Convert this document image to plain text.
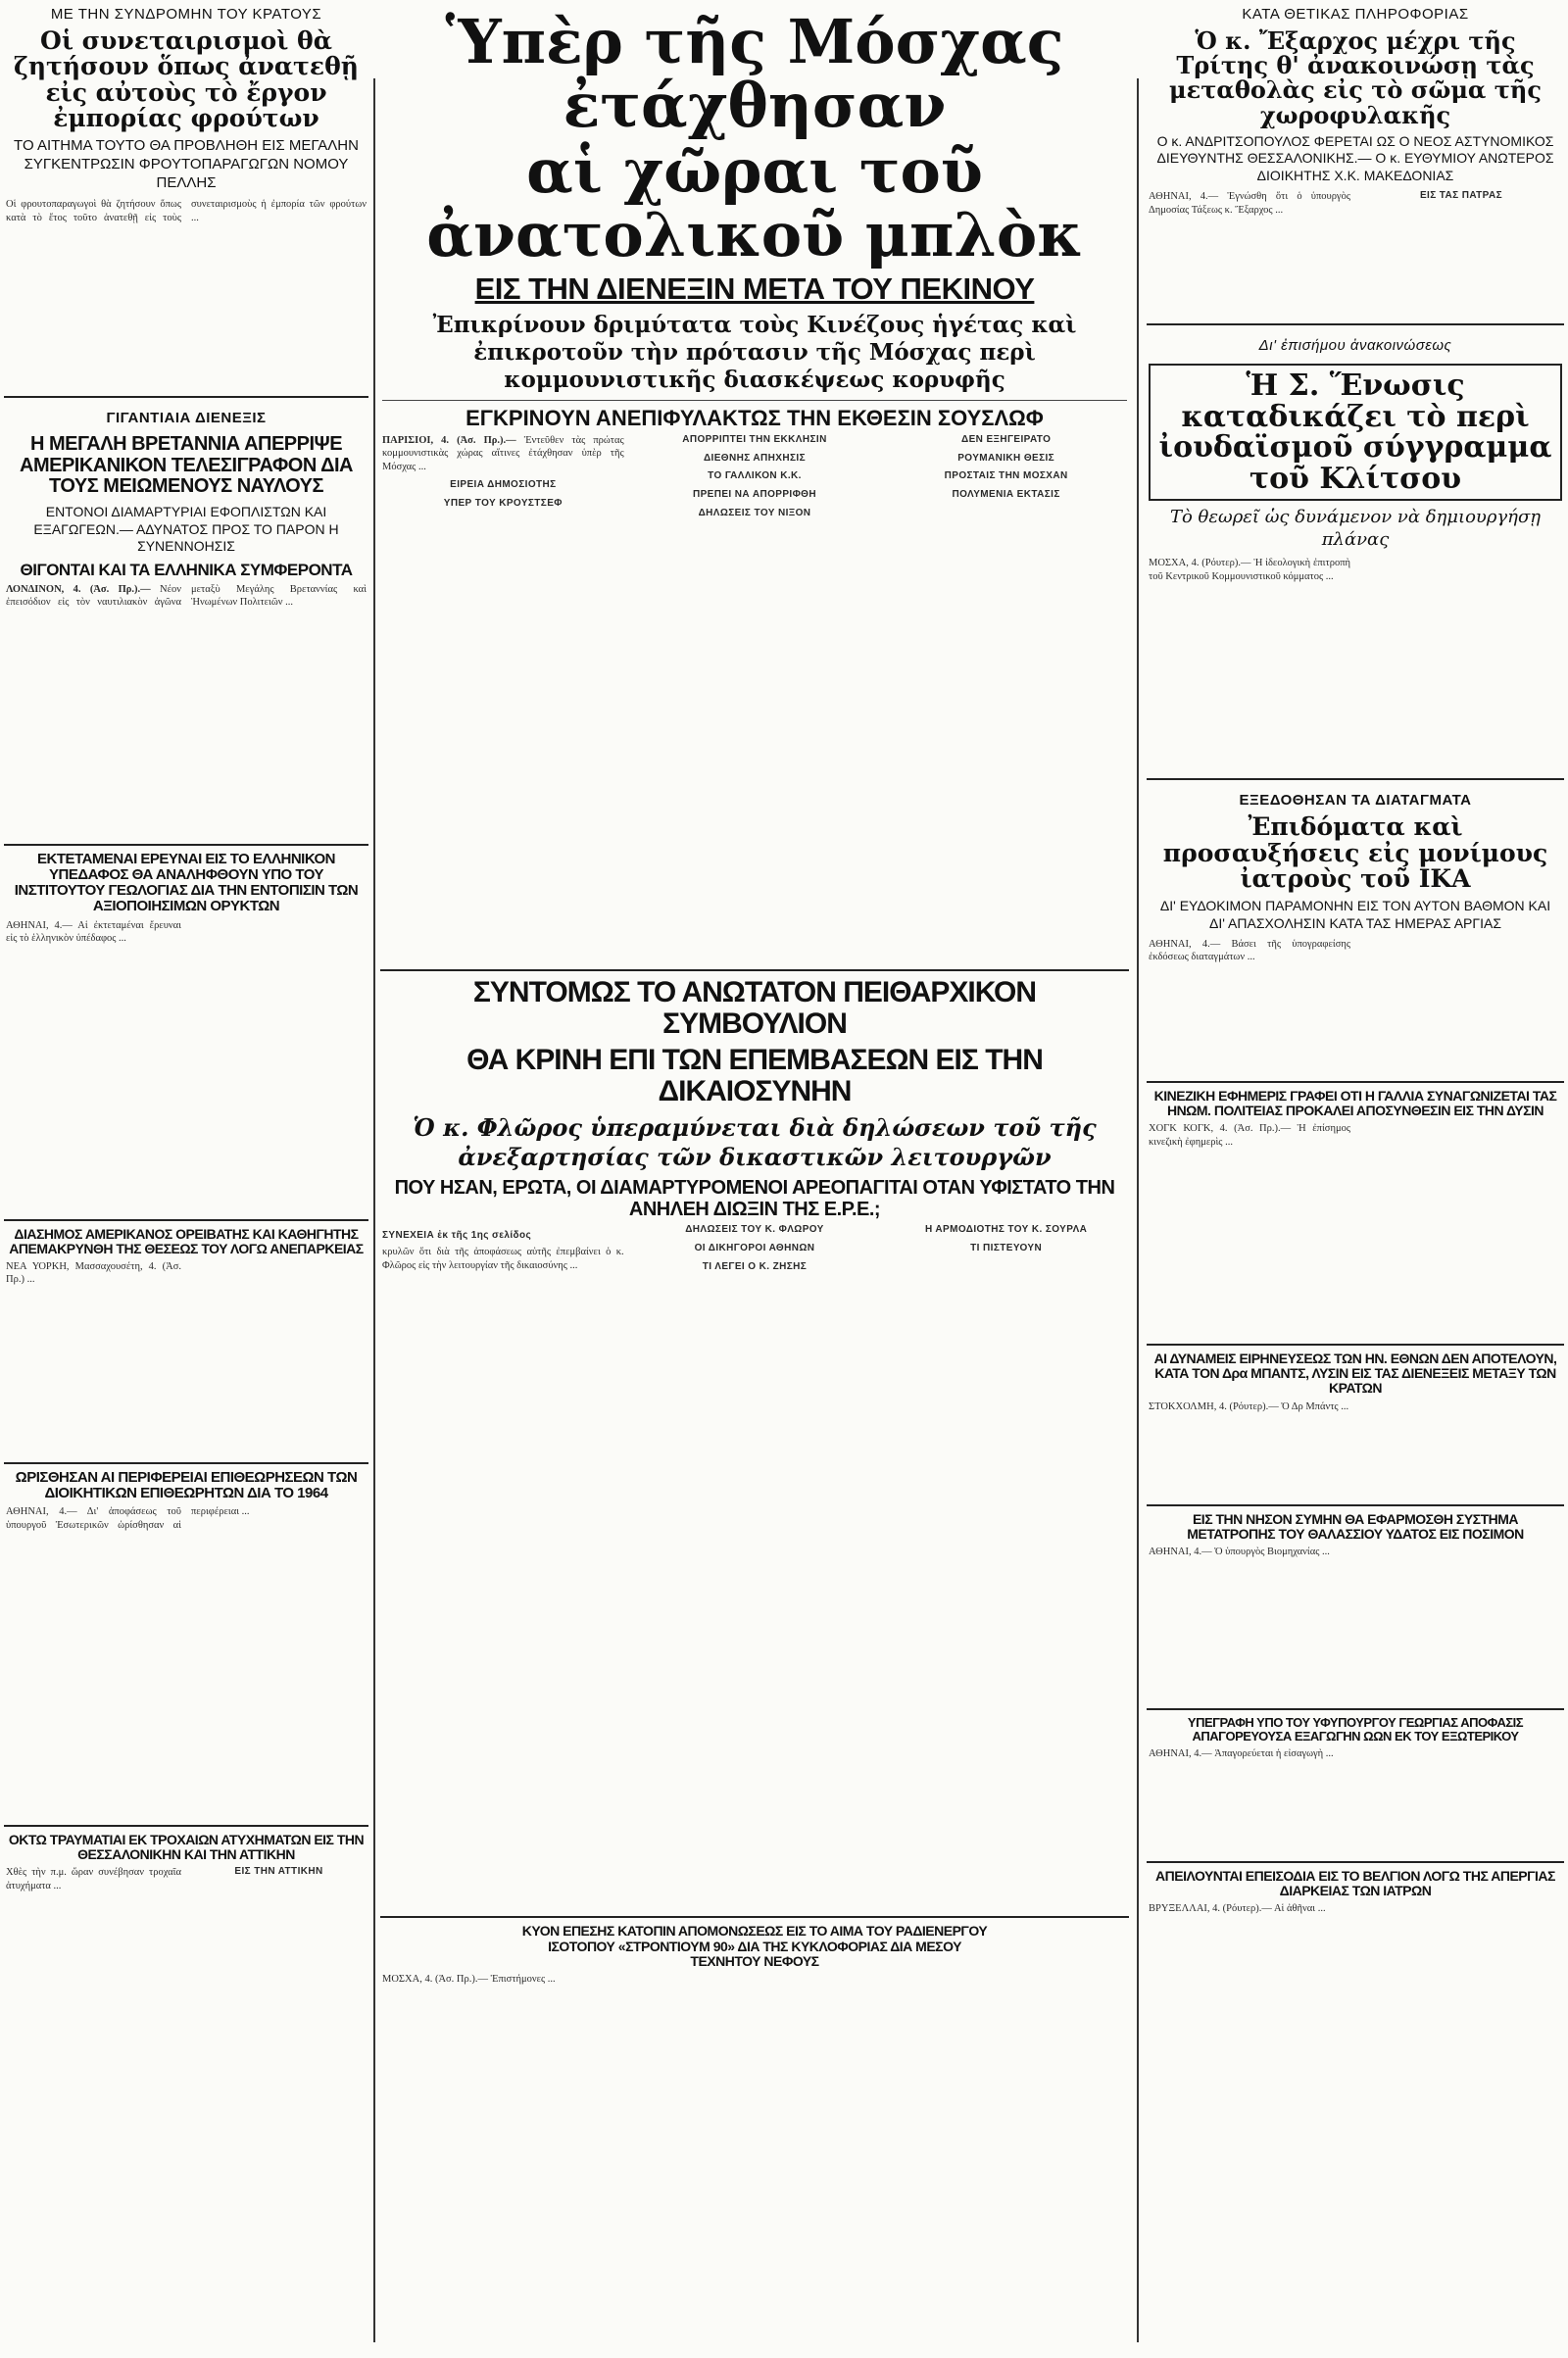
ΜΕ ΤΗΝ ΣΥΝΔΡΟΜΗΝ ΤΟΥ ΚΡΑΤΟΥΣ
Οἱ συνεταιρισμοὶ θὰ ζητήσουν ὅπως ἀνατεθῇ εἰς αὐτοὺς τὸ ἔργον ἐμπορίας φρούτων
ΤΟ ΑΙΤΗΜΑ ΤΟΥΤΟ ΘΑ ΠΡΟΒΛΗΘΗ ΕΙΣ ΜΕΓΑΛΗΝ ΣΥΓΚΕΝΤΡΩΣΙΝ ΦΡΟΥΤΟΠΑΡΑΓΩΓΩΝ ΝΟΜΟΥ ΠΕΛΛΗΣ
Οἱ φρουτοπαραγωγοὶ θὰ ζητήσουν ὅπως κατὰ τὸ ἔτος τοῦτο ἀνατεθῇ εἰς τοὺς συνεταιρισμοὺς ἡ ἐμπορία τῶν φρούτων ...
ΓΙΓΑΝΤΙΑΙΑ ΔΙΕΝΕΞΙΣ
Η ΜΕΓΑΛΗ ΒΡΕΤΑΝΝΙΑ ΑΠΕΡΡΙΨΕ ΑΜΕΡΙΚΑΝΙΚΟΝ ΤΕΛΕΣΙΓΡΑΦΟΝ ΔΙΑ ΤΟΥΣ ΜΕΙΩΜΕΝΟΥΣ ΝΑΥΛΟΥΣ
ΕΝΤΟΝΟΙ ΔΙΑΜΑΡΤΥΡΙΑΙ ΕΦΟΠΛΙΣΤΩΝ ΚΑΙ ΕΞΑΓΩΓΕΩΝ.— ΑΔΥΝΑΤΟΣ ΠΡΟΣ ΤΟ ΠΑΡΟΝ Η ΣΥΝΕΝΝΟΗΣΙΣ
ΘΙΓΟΝΤΑΙ ΚΑΙ ΤΑ ΕΛΛΗΝΙΚΑ ΣΥΜΦΕΡΟΝΤΑ
ΛΟΝΔΙΝΟΝ, 4. (Ἀσ. Πρ.).— Νέον ἐπεισόδιον εἰς τὸν ναυτιλιακὸν ἀγῶνα μεταξὺ Μεγάλης Βρεταννίας καὶ Ἡνωμένων Πολιτειῶν ...
ΕΚΤΕΤΑΜΕΝΑΙ ΕΡΕΥΝΑΙ ΕΙΣ ΤΟ ΕΛΛΗΝΙΚΟΝ ΥΠΕΔΑΦΟΣ ΘΑ ΑΝΑΛΗΦΘΟΥΝ ΥΠΟ ΤΟΥ ΙΝΣΤΙΤΟΥΤΟΥ ΓΕΩΛΟΓΙΑΣ ΔΙΑ ΤΗΝ ΕΝΤΟΠΙΣΙΝ ΤΩΝ ΑΞΙΟΠΟΙΗΣΙΜΩΝ ΟΡΥΚΤΩΝ
ΑΘΗΝΑΙ, 4.— Αἱ ἐκτεταμέναι ἔρευναι εἰς τὸ ἑλληνικὸν ὑπέδαφος ...
ΔΙΑΣΗΜΟΣ ΑΜΕΡΙΚΑΝΟΣ ΟΡΕΙΒΑΤΗΣ ΚΑΙ ΚΑΘΗΓΗΤΗΣ ΑΠΕΜΑΚΡΥΝΘΗ ΤΗΣ ΘΕΣΕΩΣ ΤΟΥ ΛΟΓΩ ΑΝΕΠΑΡΚΕΙΑΣ
ΝΕΑ ΥΟΡΚΗ, Μασσαχουσέτη, 4. (Ἀσ. Πρ.) ...
ΩΡΙΣΘΗΣΑΝ ΑΙ ΠΕΡΙΦΕΡΕΙΑΙ ΕΠΙΘΕΩΡΗΣΕΩΝ ΤΩΝ ΔΙΟΙΚΗΤΙΚΩΝ ΕΠΙΘΕΩΡΗΤΩΝ ΔΙΑ ΤΟ 1964
ΑΘΗΝΑΙ, 4.— Δι' ἀποφάσεως τοῦ ὑπουργοῦ Ἐσωτερικῶν ὡρίσθησαν αἱ περιφέρειαι ...
ΟΚΤΩ ΤΡΑΥΜΑΤΙΑΙ ΕΚ ΤΡΟΧΑΙΩΝ ΑΤΥΧΗΜΑΤΩΝ ΕΙΣ ΤΗΝ ΘΕΣΣΑΛΟΝΙΚΗΝ ΚΑΙ ΤΗΝ ΑΤΤΙΚΗΝ
Χθὲς τὴν π.μ. ὥραν συνέβησαν τροχαῖα ἀτυχήματα ...
ΕΙΣ ΤΗΝ ΑΤΤΙΚΗΝ
Ὑπὲρ τῆς Μόσχας ἐτάχθησαν
αἱ χῶραι τοῦ ἀνατολικοῦ μπλὸκ
ΕΙΣ ΤΗΝ ΔΙΕΝΕΞΙΝ ΜΕΤΑ ΤΟΥ ΠΕΚΙΝΟΥ
Ἐπικρίνουν δριμύτατα τοὺς Κινέζους ἡγέτας καὶ ἐπικροτοῦν τὴν πρότασιν τῆς Μόσχας περὶ κομμουνιστικῆς διασκέψεως κορυφῆς
ΕΓΚΡΙΝΟΥΝ ΑΝΕΠΙΦΥΛΑΚΤΩΣ ΤΗΝ ΕΚΘΕΣΙΝ ΣΟΥΣΛΩΦ
ΠΑΡΙΣΙΟΙ, 4. (Ἀσ. Πρ.).— Ἐντεῦθεν τὰς πρώτας κομμουνιστικὰς χώρας αἵτινες ἐτάχθησαν ὑπὲρ τῆς Μόσχας ...
ΕΙΡΕΙΑ ΔΗΜΟΣΙΟΤΗΣ
ΥΠΕΡ ΤΟΥ ΚΡΟΥΣΤΣΕΦ
ΑΠΟΡΡΙΠΤΕΙ ΤΗΝ ΕΚΚΛΗΣΙΝ
ΔΙΕΘΝΗΣ ΑΠΗΧΗΣΙΣ
ΤΟ ΓΑΛΛΙΚΟΝ Κ.Κ.
ΠΡΕΠΕΙ ΝΑ ΑΠΟΡΡΙΦΘΗ
ΔΗΛΩΣΕΙΣ ΤΟΥ ΝΙΞΟΝ
ΔΕΝ ΕΞΗΓΕΙΡΑΤΟ
ΡΟΥΜΑΝΙΚΗ ΘΕΣΙΣ
ΠΡΟΣΤΑΙΣ ΤΗΝ ΜΟΣΧΑΝ
ΠΟΛΥΜΕΝΙΑ ΕΚΤΑΣΙΣ
ΣΥΝΤΟΜΩΣ ΤΟ ΑΝΩΤΑΤΟΝ ΠΕΙΘΑΡΧΙΚΟΝ ΣΥΜΒΟΥΛΙΟΝ
ΘΑ ΚΡΙΝΗ ΕΠΙ ΤΩΝ ΕΠΕΜΒΑΣΕΩΝ ΕΙΣ ΤΗΝ ΔΙΚΑΙΟΣΥΝΗΝ
Ὁ κ. Φλῶρος ὑπεραμύνεται διὰ δηλώσεων τοῦ τῆς ἀνεξαρτησίας τῶν δικαστικῶν λειτουργῶν
ΠΟΥ ΗΣΑΝ, ΕΡΩΤΑ, ΟΙ ΔΙΑΜΑΡΤΥΡΟΜΕΝΟΙ ΑΡΕΟΠΑΓΙΤΑΙ ΟΤΑΝ ΥΦΙΣΤΑΤΟ ΤΗΝ ΑΝΗΛΕΗ ΔΙΩΞΙΝ ΤΗΣ Ε.Ρ.Ε.;
ΣΥΝΕΧΕΙΑ ἐκ τῆς 1ης σελίδος
κρυλῶν ὅτι διὰ τῆς ἀποφάσεως αὐτῆς ἐπεμβαίνει ὁ κ. Φλῶρος εἰς τὴν λειτουργίαν τῆς δικαιοσύνης ...
ΔΗΛΩΣΕΙΣ ΤΟΥ Κ. ΦΛΩΡΟΥ
ΟΙ ΔΙΚΗΓΟΡΟΙ ΑΘΗΝΩΝ
ΤΙ ΛΕΓΕΙ Ο Κ. ΖΗΣΗΣ
Η ΑΡΜΟΔΙΟΤΗΣ ΤΟΥ Κ. ΣΟΥΡΛΑ
ΤΙ ΠΙΣΤΕΥΟΥΝ
ΚΥΟΝ ΕΠΕΣΗΣ ΚΑΤΟΠΙΝ ΑΠΟΜΟΝΩΣΕΩΣ ΕΙΣ ΤΟ ΑΙΜΑ ΤΟΥ ΡΑΔΙΕΝΕΡΓΟΥ ΙΣΟΤΟΠΟΥ «ΣΤΡΟΝΤΙΟΥΜ 90» ΔΙΑ ΤΗΣ ΚΥΚΛΟΦΟΡΙΑΣ ΔΙΑ ΜΕΣΟΥ ΤΕΧΝΗΤΟΥ ΝΕΦΟΥΣ
ΜΟΣΧΑ, 4. (Ἀσ. Πρ.).— Ἐπιστήμονες ...
ΚΑΤΑ ΘΕΤΙΚΑΣ ΠΛΗΡΟΦΟΡΙΑΣ
Ὁ κ. Ἔξαρχος μέχρι τῆς Τρίτης θ' ἀνακοινώσῃ τὰς μεταθολὰς εἰς τὸ σῶμα τῆς χωροφυλακῆς
Ο κ. ΑΝΔΡΙΤΣΟΠΟΥΛΟΣ ΦΕΡΕΤΑΙ ΩΣ Ο ΝΕΟΣ ΑΣΤΥΝΟΜΙΚΟΣ ΔΙΕΥΘΥΝΤΗΣ ΘΕΣΣΑΛΟΝΙΚΗΣ.— Ο κ. ΕΥΘΥΜΙΟΥ ΑΝΩΤΕΡΟΣ ΔΙΟΙΚΗΤΗΣ Χ.Κ. ΜΑΚΕΔΟΝΙΑΣ
ΑΘΗΝΑΙ, 4.— Ἐγνώσθη ὅτι ὁ ὑπουργὸς Δημοσίας Τάξεως κ. Ἔξαρχος ...
ΕΙΣ ΤΑΣ ΠΑΤΡΑΣ
Δι' ἐπισήμου ἀνακοινώσεως
Ἡ Σ. Ἕνωσις καταδικάζει τὸ περὶ ἰουδαϊσμοῦ σύγγραμμα τοῦ Κλίτσου
Τὸ θεωρεῖ ὡς δυνάμενον νὰ δημιουργήσῃ πλάνας
ΜΟΣΧΑ, 4. (Ρόυτερ).— Ἡ ἰδεολογικὴ ἐπιτροπὴ τοῦ Κεντρικοῦ Κομμουνιστικοῦ κόμματος ...
ΕΞΕΔΟΘΗΣΑΝ ΤΑ ΔΙΑΤΑΓΜΑΤΑ
Ἐπιδόματα καὶ προσαυξήσεις εἰς μονίμους ἰατροὺς τοῦ ΙΚΑ
ΔΙ' ΕΥΔΟΚΙΜΟΝ ΠΑΡΑΜΟΝΗΝ ΕΙΣ ΤΟΝ ΑΥΤΟΝ ΒΑΘΜΟΝ ΚΑΙ ΔΙ' ΑΠΑΣΧΟΛΗΣΙΝ ΚΑΤΑ ΤΑΣ ΗΜΕΡΑΣ ΑΡΓΙΑΣ
ΑΘΗΝΑΙ, 4.— Βάσει τῆς ὑπογραφείσης ἐκδόσεως διαταγμάτων ...
ΚΙΝΕΖΙΚΗ ΕΦΗΜΕΡΙΣ ΓΡΑΦΕΙ ΟΤΙ Η ΓΑΛΛΙΑ ΣΥΝΑΓΩΝΙΖΕΤΑΙ ΤΑΣ ΗΝΩΜ. ΠΟΛΙΤΕΙΑΣ ΠΡΟΚΑΛΕΙ ΑΠΟΣΥΝΘΕΣΙΝ ΕΙΣ ΤΗΝ ΔΥΣΙΝ
ΧΟΓΚ ΚΟΓΚ, 4. (Ἀσ. Πρ.).— Ἡ ἐπίσημος κινεζικὴ ἐφημερὶς ...
ΑΙ ΔΥΝΑΜΕΙΣ ΕΙΡΗΝΕΥΣΕΩΣ ΤΩΝ ΗΝ. ΕΘΝΩΝ ΔΕΝ ΑΠΟΤΕΛΟΥΝ, ΚΑΤΑ ΤΟΝ Δρα ΜΠΑΝΤΣ, ΛΥΣΙΝ ΕΙΣ ΤΑΣ ΔΙΕΝΕΞΕΙΣ ΜΕΤΑΞΥ ΤΩΝ ΚΡΑΤΩΝ
ΣΤΟΚΧΟΛΜΗ, 4. (Ρόυτερ).— Ὁ Δρ Μπάντς ...
ΕΙΣ ΤΗΝ ΝΗΣΟΝ ΣΥΜΗΝ ΘΑ ΕΦΑΡΜΟΣΘΗ ΣΥΣΤΗΜΑ ΜΕΤΑΤΡΟΠΗΣ ΤΟΥ ΘΑΛΑΣΣΙΟΥ ΥΔΑΤΟΣ ΕΙΣ ΠΟΣΙΜΟΝ
ΑΘΗΝΑΙ, 4.— Ὁ ὑπουργὸς Βιομηχανίας ...
ΥΠΕΓΡΑΦΗ ΥΠΟ ΤΟΥ ΥΦΥΠΟΥΡΓΟΥ ΓΕΩΡΓΙΑΣ ΑΠΟΦΑΣΙΣ ΑΠΑΓΟΡΕΥΟΥΣΑ ΕΞΑΓΩΓΗΝ ΩΩΝ ΕΚ ΤΟΥ ΕΞΩΤΕΡΙΚΟΥ
ΑΘΗΝΑΙ, 4.— Ἀπαγορεύεται ἡ εἰσαγωγὴ ...
ΑΠΕΙΛΟΥΝΤΑΙ ΕΠΕΙΣΟΔΙΑ ΕΙΣ ΤΟ ΒΕΛΓΙΟΝ ΛΟΓΩ ΤΗΣ ΑΠΕΡΓΙΑΣ ΔΙΑΡΚΕΙΑΣ ΤΩΝ ΙΑΤΡΩΝ
ΒΡΥΞΕΛΛΑΙ, 4. (Ρόυτερ).— Αἱ ἀθῆναι ...
